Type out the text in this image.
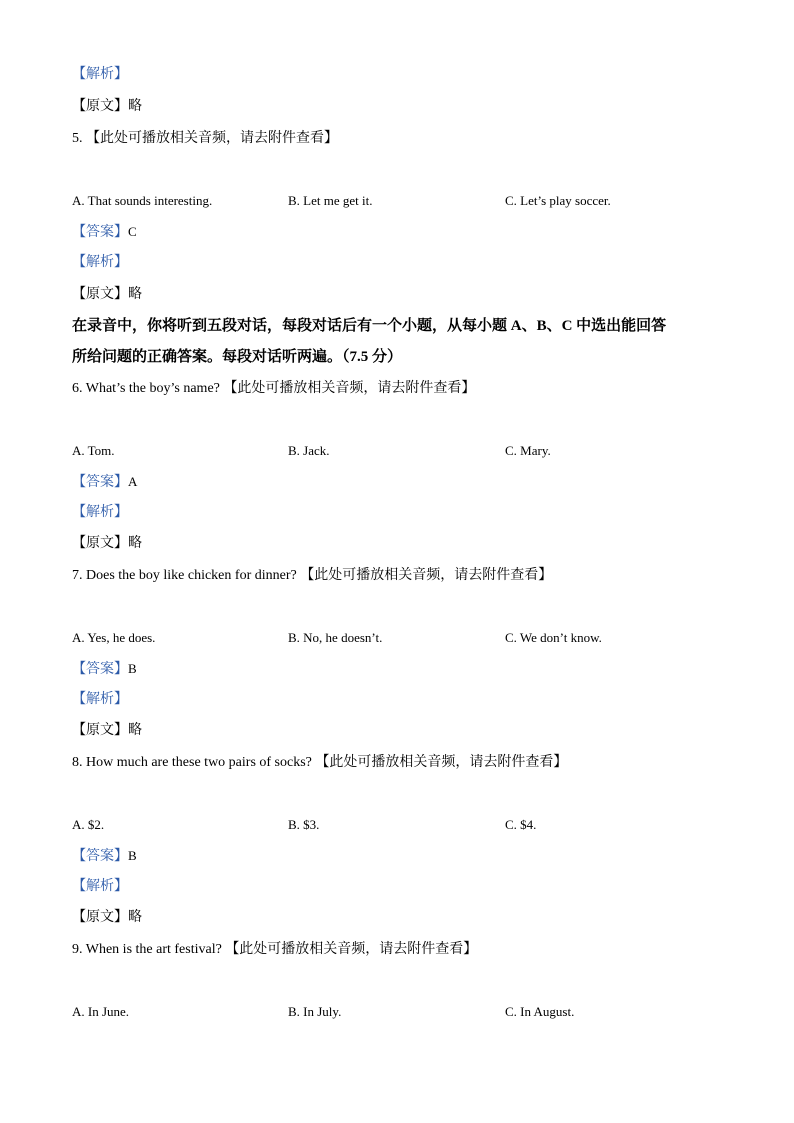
【解析】
【原文】略
5. 【此处可播放相关音频，请去附件查看】
A. That sounds interesting.	B. Let me get it.	C. Let’s play soccer.
【答案】C
【解析】
【原文】略
在录音中，你将听到五段对话，每段对话后有一个小题，从每小题 A、B、C 中选出能回答
所给问题的正确答案。每段对话听两遍。（7.5 分）
6. What’s the boy’s name? 【此处可播放相关音频，请去附件查看】
A. Tom.	B. Jack.	C. Mary.
【答案】A
【解析】
【原文】略
7. Does the boy like chicken for dinner? 【此处可播放相关音频，请去附件查看】
A. Yes, he does.	B. No, he doesn’t.	C. We don’t know.
【答案】B
【解析】
【原文】略
8. How much are these two pairs of socks? 【此处可播放相关音频，请去附件查看】
A. $2.	B. $3.	C. $4.
【答案】B
【解析】
【原文】略
9. When is the art festival? 【此处可播放相关音频，请去附件查看】
A. In June.	B. In July.	C. In August.
